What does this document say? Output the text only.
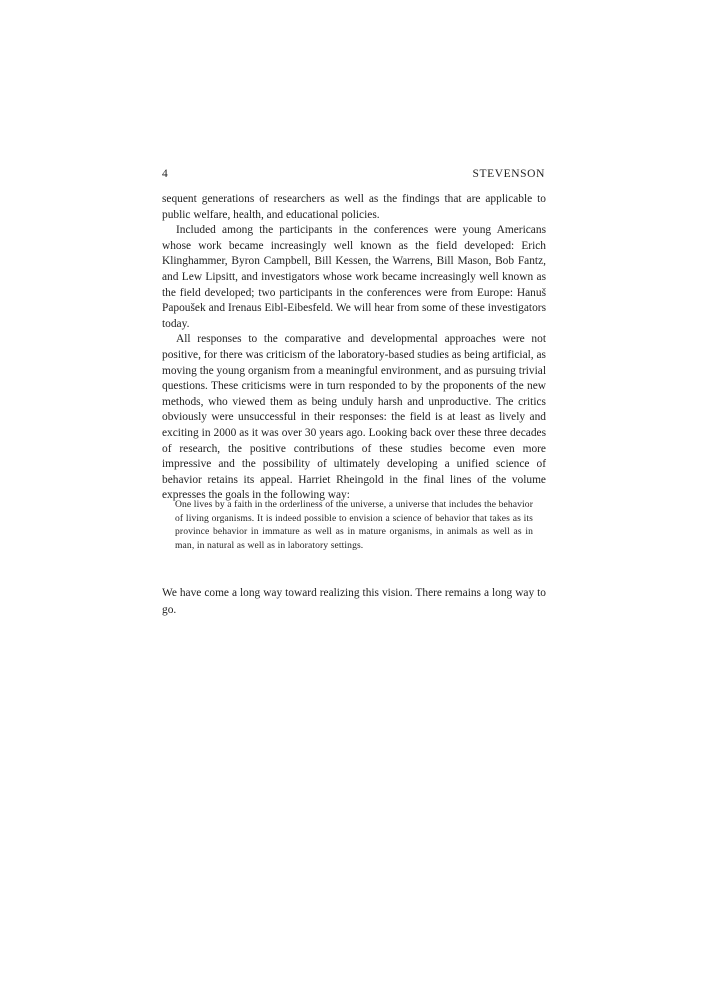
4	STEVENSON

sequent generations of researchers as well as the findings that are applicable to public welfare, health, and educational policies.

Included among the participants in the conferences were young Americans whose work became increasingly well known as the field developed: Erich Klinghammer, Byron Campbell, Bill Kessen, the Warrens, Bill Mason, Bob Fantz, and Lew Lipsitt, and investigators whose work became increasingly well known as the field developed; two participants in the conferences were from Europe: Hanuš Papoušek and Irenaus Eibl-Eibesfeld. We will hear from some of these investigators today.

All responses to the comparative and developmental approaches were not positive, for there was criticism of the laboratory-based studies as being artificial, as moving the young organism from a meaningful environment, and as pursuing trivial questions. These criticisms were in turn responded to by the proponents of the new methods, who viewed them as being unduly harsh and unproductive. The critics obviously were unsuccessful in their responses: the field is at least as lively and exciting in 2000 as it was over 30 years ago. Looking back over these three decades of research, the positive contributions of these studies become even more impressive and the possibility of ultimately developing a unified science of behavior retains its appeal. Harriet Rheingold in the final lines of the volume expresses the goals in the following way:

One lives by a faith in the orderliness of the universe, a universe that includes the behavior of living organisms. It is indeed possible to envision a science of behavior that takes as its province behavior in immature as well as in mature organisms, in animals as well as in man, in natural as well as in laboratory settings.

We have come a long way toward realizing this vision. There remains a long way to go.
